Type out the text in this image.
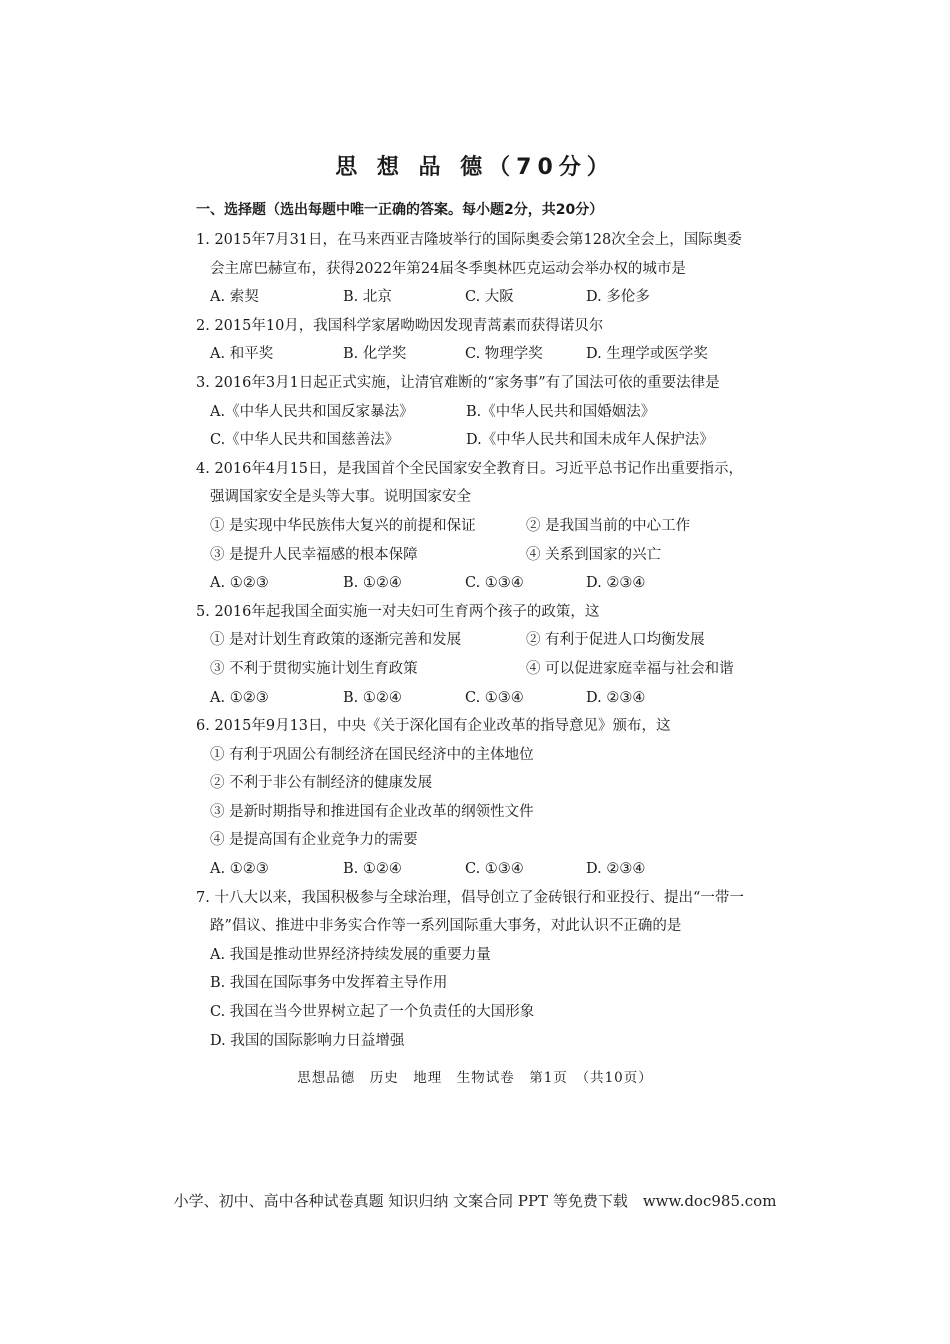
思 想 品 德（70分）
一、选择题（选出每题中唯一正确的答案。每小题2分，共20分）
1. 2015年7月31日，在马来西亚吉隆坡举行的国际奥委会第128次全会上，国际奥委
会主席巴赫宣布，获得2022年第24届冬季奥林匹克运动会举办权的城市是
A. 索契	B. 北京	C. 大阪	D. 多伦多
2. 2015年10月，我国科学家屠呦呦因发现青蒿素而获得诺贝尔
A. 和平奖	B. 化学奖	C. 物理学奖	D. 生理学或医学奖
3. 2016年3月1日起正式实施，让清官难断的“家务事”有了国法可依的重要法律是
A.《中华人民共和国反家暴法》	B.《中华人民共和国婚姻法》
C.《中华人民共和国慈善法》	D.《中华人民共和国未成年人保护法》
4. 2016年4月15日，是我国首个全民国家安全教育日。习近平总书记作出重要指示，
强调国家安全是头等大事。说明国家安全
① 是实现中华民族伟大复兴的前提和保证	② 是我国当前的中心工作
③ 是提升人民幸福感的根本保障	④ 关系到国家的兴亡
A. ①②③	B. ①②④	C. ①③④	D. ②③④
5. 2016年起我国全面实施一对夫妇可生育两个孩子的政策，这
① 是对计划生育政策的逐渐完善和发展	② 有利于促进人口均衡发展
③ 不利于贯彻实施计划生育政策	④ 可以促进家庭幸福与社会和谐
A. ①②③	B. ①②④	C. ①③④	D. ②③④
6. 2015年9月13日，中央《关于深化国有企业改革的指导意见》颁布，这
① 有利于巩固公有制经济在国民经济中的主体地位
② 不利于非公有制经济的健康发展
③ 是新时期指导和推进国有企业改革的纲领性文件
④ 是提高国有企业竞争力的需要
A. ①②③	B. ①②④	C. ①③④	D. ②③④
7. 十八大以来，我国积极参与全球治理，倡导创立了金砖银行和亚投行、提出“一带一
路”倡议、推进中非务实合作等一系列国际重大事务，对此认识不正确的是
A. 我国是推动世界经济持续发展的重要力量
B. 我国在国际事务中发挥着主导作用
C. 我国在当今世界树立起了一个负责任的大国形象
D. 我国的国际影响力日益增强
思想品德　历史　地理　生物试卷　第1页　（共10页）
小学、初中、高中各种试卷真题 知识归纳 文案合同 PPT 等免费下载　www.doc985.com
